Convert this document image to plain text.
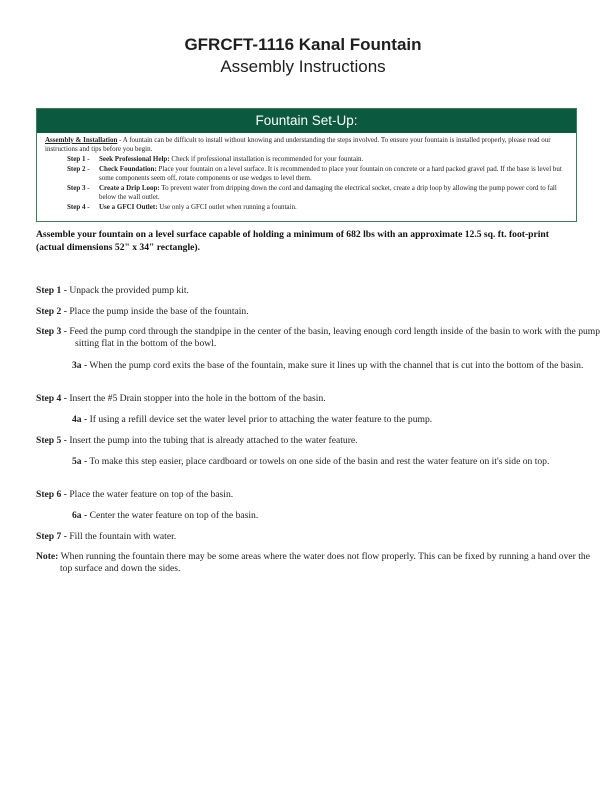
GFRCFT-1116 Kanal Fountain
Assembly Instructions
Fountain Set-Up:

Assembly & Installation - A fountain can be difficult to install without knowing and understanding the steps involved. To ensure your fountain is installed properly, please read our instructions and tips before you begin.

Step 1 -	Seek Professional Help: Check if professional installation is recommended for your fountain.
Step 2 -	Check Foundation: Place your fountain on a level surface. It is recommended to place your fountain on concrete or a hard packed gravel pad. If the base is level but some components seem off, rotate components or use wedges to level them.
Step 3 -	Create a Drip Loop: To prevent water from dripping down the cord and damaging the electrical socket, create a drip loop by allowing the pump power cord to fall below the wall outlet.
Step 4 -	Use a GFCI Outlet: Use only a GFCI outlet when running a fountain.
Assemble your fountain on a level surface capable of holding a minimum of 682 lbs with an approximate 12.5 sq. ft. foot-print (actual dimensions 52" x 34" rectangle).
Step 1 - Unpack the provided pump kit.
Step 2 - Place the pump inside the base of the fountain.
Step 3 - Feed the pump cord through the standpipe in the center of the basin, leaving enough cord length inside of the basin to work with the pump sitting flat in the bottom of the bowl.
3a - When the pump cord exits the base of the fountain, make sure it lines up with the channel that is cut into the bottom of the basin.
Step 4 - Insert the #5 Drain stopper into the hole in the bottom of the basin.
4a - If using a refill device set the water level prior to attaching the water feature to the pump.
Step 5 - Insert the pump into the tubing that is already attached to the water feature.
5a - To make this step easier, place cardboard or towels on one side of the basin and rest the water feature on it's side on top.
Step 6 - Place the water feature on top of the basin.
6a - Center the water feature on top of the basin.
Step 7 - Fill the fountain with water.
Note: When running the fountain there may be some areas where the water does not flow properly. This can be fixed by running a hand over the top surface and down the sides.
